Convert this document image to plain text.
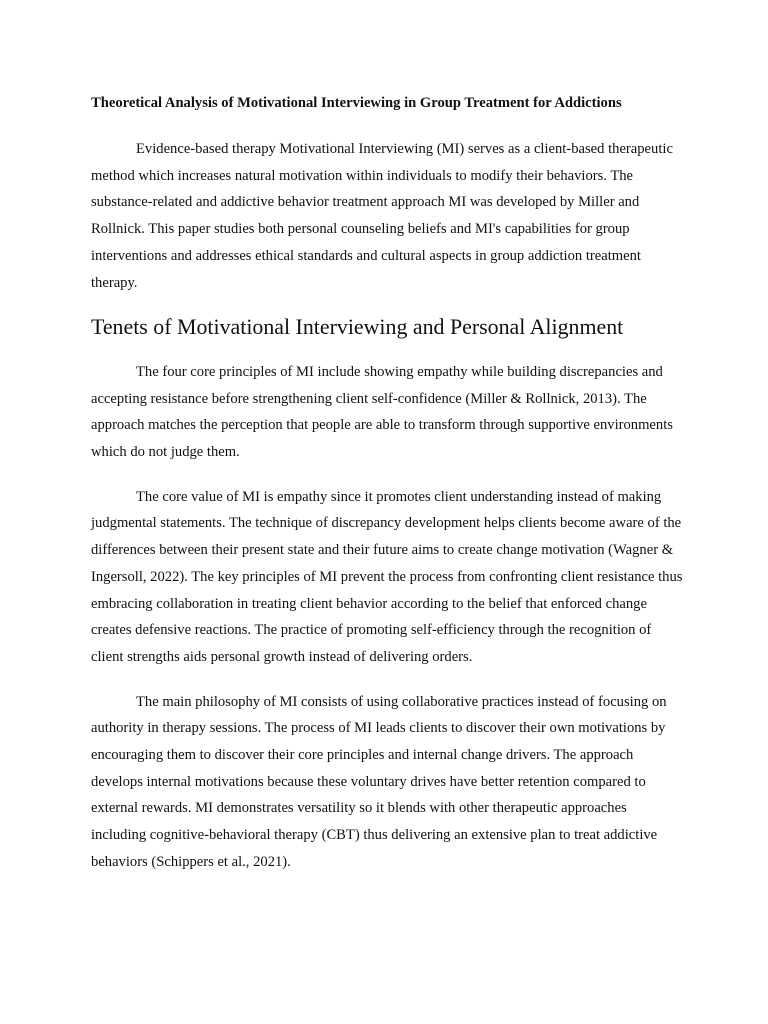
Theoretical Analysis of Motivational Interviewing in Group Treatment for Addictions

Evidence-based therapy Motivational Interviewing (MI) serves as a client-based therapeutic method which increases natural motivation within individuals to modify their behaviors. The substance-related and addictive behavior treatment approach MI was developed by Miller and Rollnick. This paper studies both personal counseling beliefs and MI's capabilities for group interventions and addresses ethical standards and cultural aspects in group addiction treatment therapy.

Tenets of Motivational Interviewing and Personal Alignment

The four core principles of MI include showing empathy while building discrepancies and accepting resistance before strengthening client self-confidence (Miller & Rollnick, 2013). The approach matches the perception that people are able to transform through supportive environments which do not judge them.

The core value of MI is empathy since it promotes client understanding instead of making judgmental statements. The technique of discrepancy development helps clients become aware of the differences between their present state and their future aims to create change motivation (Wagner & Ingersoll, 2022). The key principles of MI prevent the process from confronting client resistance thus embracing collaboration in treating client behavior according to the belief that enforced change creates defensive reactions. The practice of promoting self-efficiency through the recognition of client strengths aids personal growth instead of delivering orders.

The main philosophy of MI consists of using collaborative practices instead of focusing on authority in therapy sessions. The process of MI leads clients to discover their own motivations by encouraging them to discover their core principles and internal change drivers. The approach develops internal motivations because these voluntary drives have better retention compared to external rewards. MI demonstrates versatility so it blends with other therapeutic approaches including cognitive-behavioral therapy (CBT) thus delivering an extensive plan to treat addictive behaviors (Schippers et al., 2021).
